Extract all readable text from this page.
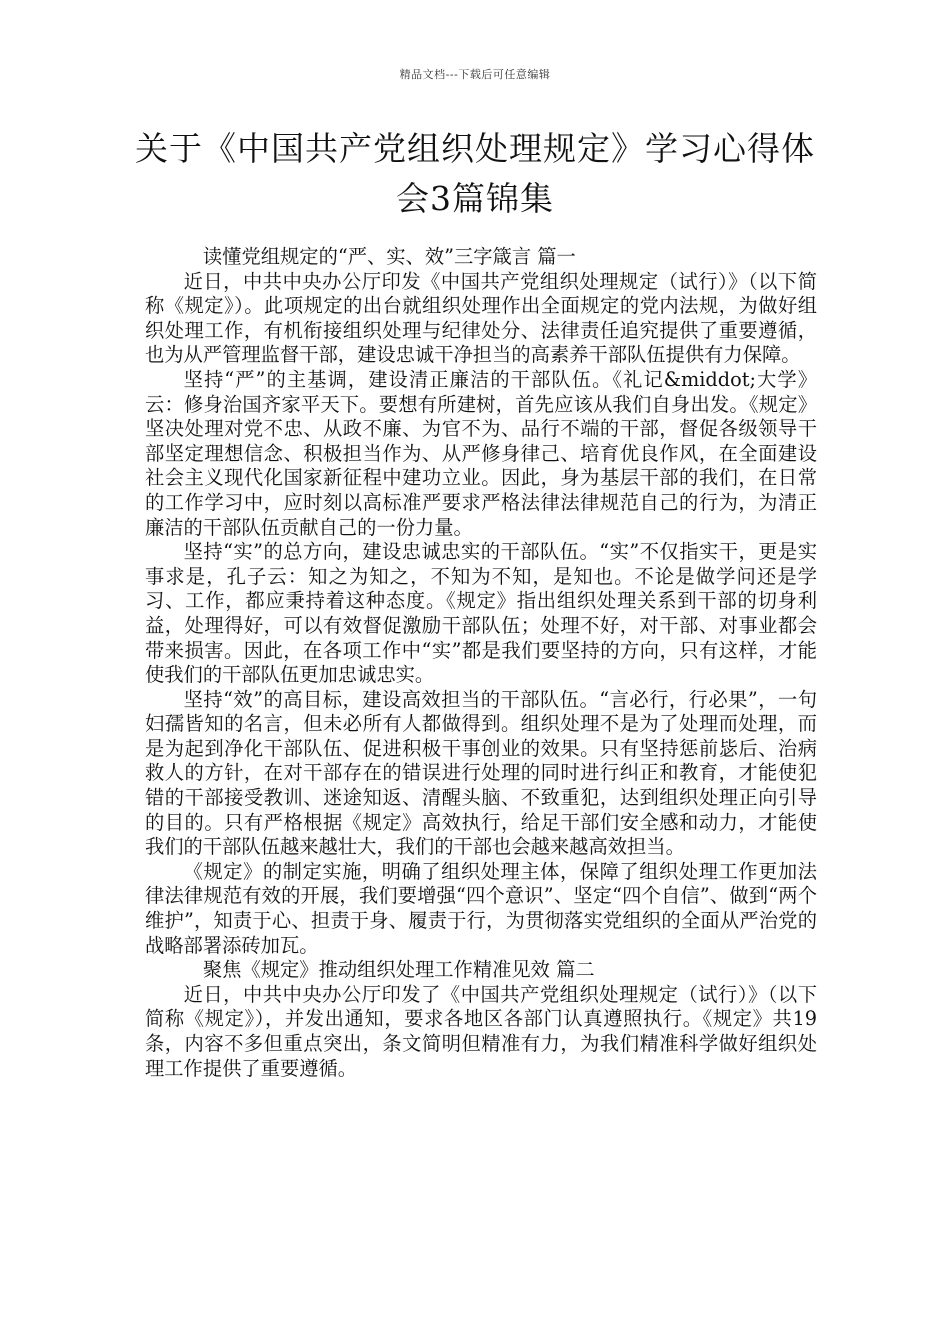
精品文档---下载后可任意编辑
关于《中国共产党组织处理规定》学习心得体会3篇锦集

读懂党组规定的“严、实、效”三字箴言 篇一

近日，中共中央办公厅印发《中国共产党组织处理规定（试行）》（以下简称《规定》）。此项规定的出台就组织处理作出全面规定的党内法规，为做好组织处理工作，有机衔接组织处理与纪律处分、法律责任追究提供了重要遵循，也为从严管理监督干部，建设忠诚干净担当的高素养干部队伍提供有力保障。

坚持“严”的主基调，建设清正廉洁的干部队伍。《礼记&middot;大学》云：修身治国齐家平天下。要想有所建树，首先应该从我们自身出发。《规定》坚决处理对党不忠、从政不廉、为官不为、品行不端的干部，督促各级领导干部坚定理想信念、积极担当作为、从严修身律己、培育优良作风，在全面建设社会主义现代化国家新征程中建功立业。因此，身为基层干部的我们，在日常的工作学习中，应时刻以高标准严要求严格法律法律规范自己的行为，为清正廉洁的干部队伍贡献自己的一份力量。

坚持“实”的总方向，建设忠诚忠实的干部队伍。“实”不仅指实干，更是实事求是，孔子云：知之为知之，不知为不知，是知也。不论是做学问还是学习、工作，都应秉持着这种态度。《规定》指出组织处理关系到干部的切身利益，处理得好，可以有效督促激励干部队伍；处理不好，对干部、对事业都会带来损害。因此，在各项工作中“实”都是我们要坚持的方向，只有这样，才能使我们的干部队伍更加忠诚忠实。

坚持“效”的高目标，建设高效担当的干部队伍。“言必行，行必果”，一句妇孺皆知的名言，但未必所有人都做得到。组织处理不是为了处理而处理，而是为起到净化干部队伍、促进积极干事创业的效果。只有坚持惩前毖后、治病救人的方针，在对干部存在的错误进行处理的同时进行纠正和教育，才能使犯错的干部接受教训、迷途知返、清醒头脑、不致重犯，达到组织处理正向引导的目的。只有严格根据《规定》高效执行，给足干部们安全感和动力，才能使我们的干部队伍越来越壮大，我们的干部也会越来越高效担当。

《规定》的制定实施，明确了组织处理主体，保障了组织处理工作更加法律法律规范有效的开展，我们要增强“四个意识”、坚定“四个自信”、做到“两个维护”，知责于心、担责于身、履责于行，为贯彻落实党组织的全面从严治党的战略部署添砖加瓦。

聚焦《规定》推动组织处理工作精准见效 篇二

近日，中共中央办公厅印发了《中国共产党组织处理规定（试行）》（以下简称《规定》），并发出通知，要求各地区各部门认真遵照执行。《规定》共19条，内容不多但重点突出，条文简明但精准有力，为我们精准科学做好组织处理工作提供了重要遵循。
